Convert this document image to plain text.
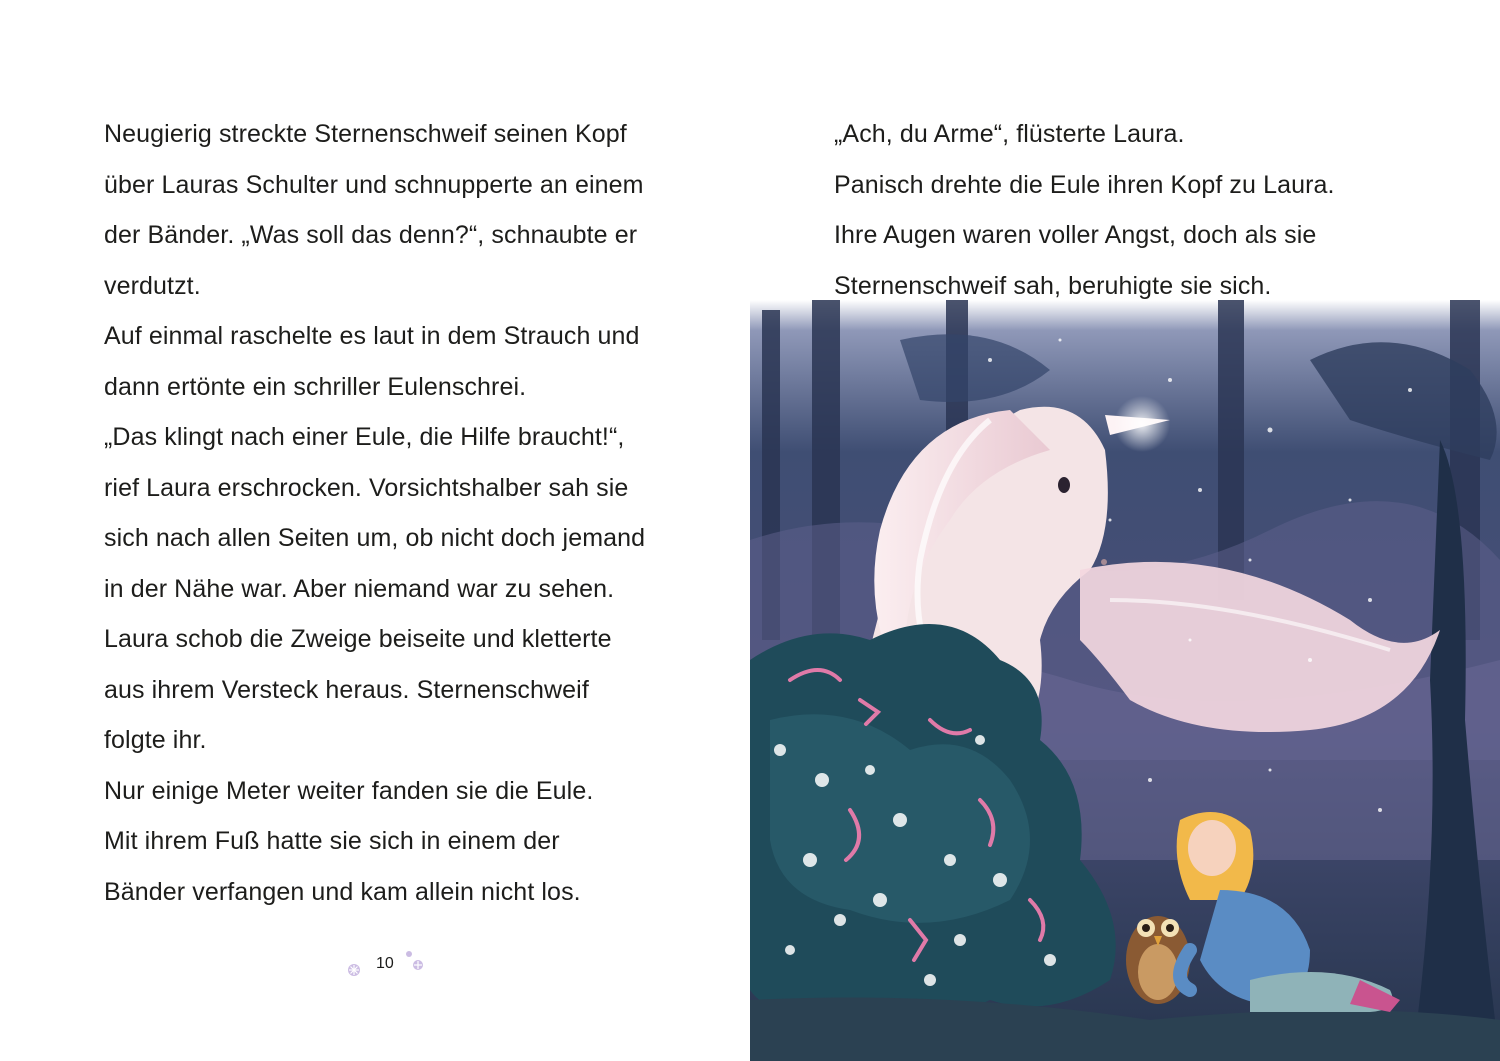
Neugierig streckte Sternenschweif seinen Kopf
über Lauras Schulter und schnupperte an einem
der Bänder. „Was soll das denn?“, schnaubte er
verdutzt.
Auf einmal raschelte es laut in dem Strauch und
dann ertönte ein schriller Eulenschrei.
„Das klingt nach einer Eule, die Hilfe braucht!“,
rief Laura erschrocken. Vorsichtshalber sah sie
sich nach allen Seiten um, ob nicht doch jemand
in der Nähe war. Aber niemand war zu sehen.
Laura schob die Zweige beiseite und kletterte
aus ihrem Versteck heraus. Sternenschweif
folgte ihr.
Nur einige Meter weiter fanden sie die Eule.
Mit ihrem Fuß hatte sie sich in einem der
Bänder verfangen und kam allein nicht los.
10
„Ach, du Arme“, flüsterte Laura.
Panisch drehte die Eule ihren Kopf zu Laura.
Ihre Augen waren voller Angst, doch als sie
Sternenschweif sah, beruhigte sie sich.
